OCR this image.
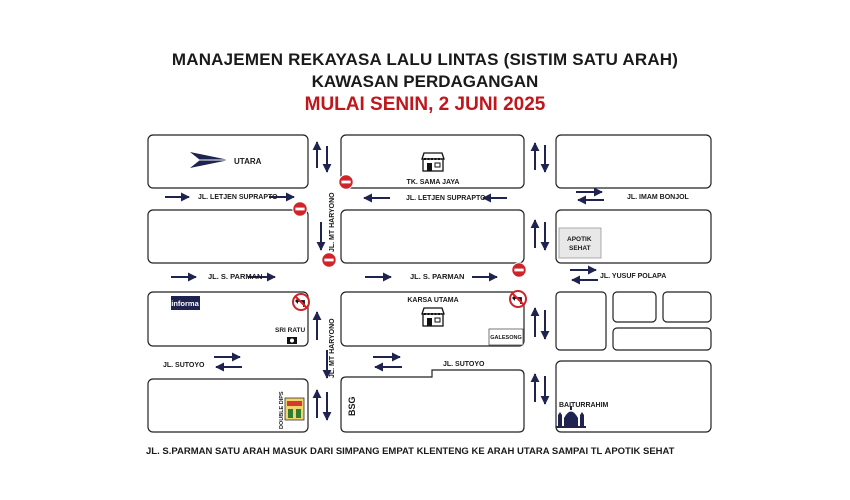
MANAJEMEN REKAYASA LALU LINTAS (SISTIM SATU ARAH)
KAWASAN PERDAGANGAN
MULAI SENIN, 2 JUNI 2025
JL. LETJEN SUPRAPTO	JL. LETJEN SUPRAPTO	JL. IMAM BONJOL
JL. S. PARMAN	JL. S. PARMAN	JL. YUSUF POLAPA
JL. SUTOYO	JL. SUTOYO
JL. MT HARYONO
JL. MT HARYONO
UTARA
TK. SAMA JAYA
APOTIK
SEHAT
informa
SRI RATU
KARSA UTAMA
GALESONG
DOUBLE DIPS	BSG	BAITURRAHIM
JL. S.PARMAN SATU ARAH MASUK DARI SIMPANG EMPAT KLENTENG KE ARAH UTARA SAMPAI TL APOTIK SEHAT
